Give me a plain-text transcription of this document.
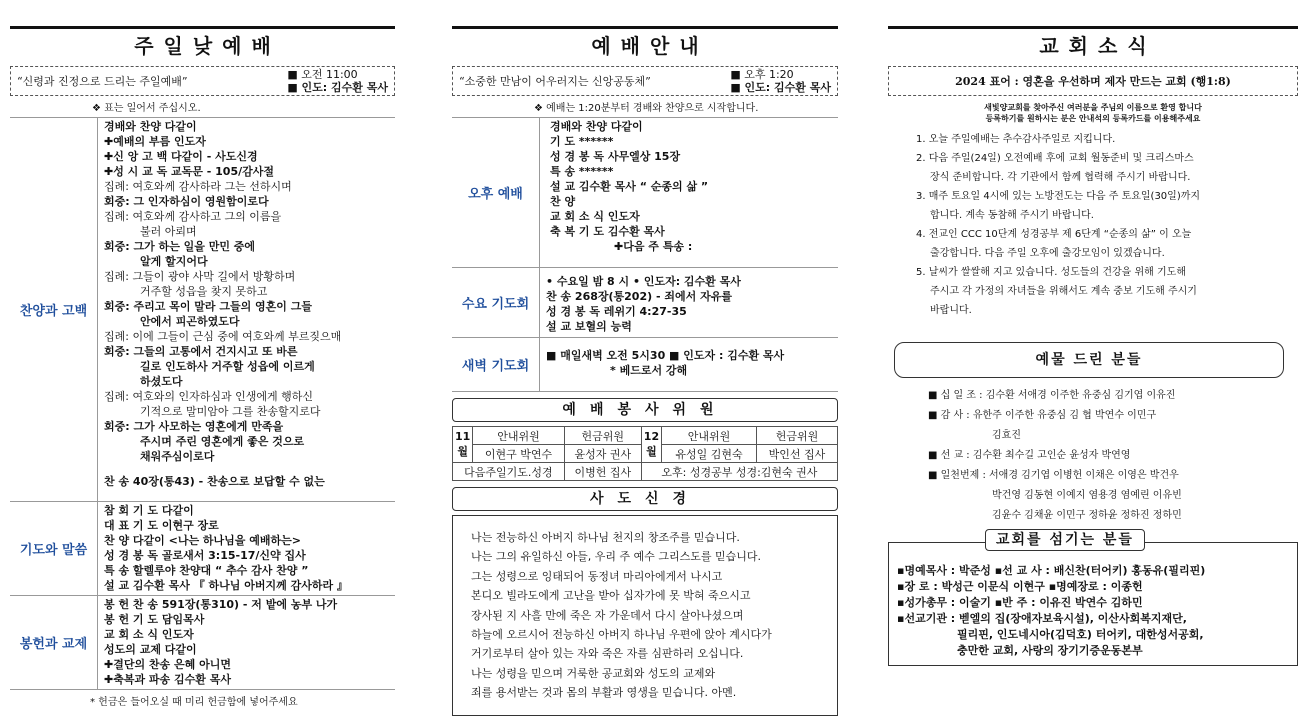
주일낮예배
“신령과 진정으로 드리는 주일예배”
■ 오전 11:00
■ 인도: 김수환 목사
❖ 표는 일어서 주십시오.
찬양과 고백
경배와 찬양 다같이
✚예배의 부름 인도자
✚신 앙 고 백 다같이 - 사도신경
✚성 시 교 독 교독문 - 105/감사절
집례: 여호와께 감사하라 그는 선하시며
회중: 그 인자하심이 영원함이로다
집례: 여호와께 감사하고 그의 이름을
불러 아뢰며
회중: 그가 하는 일을 만민 중에
알게 할지어다
집례: 그들이 광야 사막 길에서 방황하며
거주할 성읍을 찾지 못하고
회중: 주리고 목이 말라 그들의 영혼이 그들
안에서 피곤하였도다
집례: 이에 그들이 근심 중에 여호와께 부르짖으매
회중: 그들의 고통에서 건지시고 또 바른
길로 인도하사 거주할 성읍에 이르게
하셨도다
집례: 여호와의 인자하심과 인생에게 행하신
기적으로 말미암아 그를 찬송할지로다
회중: 그가 사모하는 영혼에게 만족을
주시며 주린 영혼에게 좋은 것으로
채워주심이로다
찬 송 40장(통43) - 찬송으로 보답할 수 없는
기도와 말씀
참 회 기 도 다같이
대 표 기 도 이현구 장로
찬 양 다같이 <나는 하나님을 예배하는>
성 경 봉 독 골로새서 3:15-17/신약 집사
특 송 할렐루야 찬양대 “ 추수 감사 찬양 ”
설 교 김수환 목사 『 하나님 아버지께 감사하라 』
봉헌과 교제
봉 헌 찬 송 591장(통310) - 저 밭에 농부 나가
봉 헌 기 도 담임목사
교 회 소 식 인도자
성도의 교제 다같이
✚결단의 찬송 은혜 아니면
✚축복과 파송 김수환 목사
* 헌금은 들어오실 때 미리 헌금함에 넣어주세요
예배안내
“소중한 만남이 어우러지는 신앙공동체”
■ 오후 1:20
■ 인도: 김수환 목사
❖ 예배는 1:20분부터 경배와 찬양으로 시작합니다.
오후 예배
경배와 찬양 다같이
기 도 ******
성 경 봉 독 사무엘상 15장
특 송 ******
설 교 김수환 목사 “ 순종의 삶 ”
찬 양
교 회 소 식 인도자
축 복 기 도 김수환 목사
✚다음 주 특송 :
수요 기도회
• 수요일 밤 8 시 • 인도자: 김수환 목사
찬 송 268장(통202) - 죄에서 자유를
성 경 봉 독 레위기 4:27-35
설 교 보혈의 능력
새벽 기도회
■ 매일새벽 오전 5시30 ■ 인도자 : 김수환 목사
* 베드로서 강해
예배봉사위원
11월	안내위원	헌금위원	12월	안내위원	헌금위원
	이현구 박연수	윤성자 권사		유성일 김현숙	박인선 집사
다음주일기도.성경		이병헌 집사	오후: 성경공부 성경:김현숙 권사		
사도신경
나는 전능하신 아버지 하나님 천지의 창조주를 믿습니다.
나는 그의 유일하신 아들, 우리 주 예수 그리스도를 믿습니다.
그는 성령으로 잉태되어 동정녀 마리아에게서 나시고
본디오 빌라도에게 고난을 받아 십자가에 못 박혀 죽으시고
장사된 지 사흘 만에 죽은 자 가운데서 다시 살아나셨으며
하늘에 오르시어 전능하신 아버지 하나님 우편에 앉아 계시다가
거기로부터 살아 있는 자와 죽은 자를 심판하러 오십니다.
나는 성령을 믿으며 거룩한 공교회와 성도의 교제와
죄를 용서받는 것과 몸의 부활과 영생을 믿습니다. 아멘.
교회소식
2024 표어 : 영혼을 우선하며 제자 만드는 교회 (행1:8)
새빛양교회를 찾아주신 여러분을 주님의 이름으로 환영 합니다
등록하기를 원하시는 분은 안내석의 등록카드를 이용해주세요
1. 오늘 주일예배는 추수감사주일로 지킵니다.
2. 다음 주일(24일) 오전예배 후에 교회 월동준비 및 크리스마스
장식 준비합니다. 각 기관에서 함께 협력해 주시기 바랍니다.
3. 매주 토요일 4시에 있는 노방전도는 다음 주 토요일(30일)까지
합니다. 계속 동참해 주시기 바랍니다.
4. 전교인 CCC 10단계 성경공부 제 6단계 “순종의 삶” 이 오늘
출강합니다. 다음 주일 오후에 출강모임이 있겠습니다.
5. 날씨가 쌀쌀해 지고 있습니다. 성도들의 건강을 위해 기도해
주시고 각 가정의 자녀들을 위해서도 계속 중보 기도해 주시기
바랍니다.
예물 드린 분들
■ 십 일 조 : 김수환 서애경 이주한 유중심 김기엽 이유진
■ 감 사 : 유한주 이주한 유중심 김 협 박연수 이민구
김효진
■ 선 교 : 김수환 최수길 고인순 윤성자 박연영
■ 일천번제 : 서애경 김기엽 이병헌 이채은 이영은 박건우
박건영 김동현 이예지 염용경 염예린 이유빈
김윤수 김채윤 이민구 정하윤 정하진 정하민
교회를 섬기는 분들
▪명예목사 : 박준성 ▪선 교 사 : 배신찬(터어키) 홍동유(필리핀)
▪장 로 : 박성근 이문식 이현구 ▪명예장로 : 이종헌
▪성가총무 : 이술기 ▪반 주 : 이유진 박연수 김하민
▪선교기관 : 벧엘의 집(장애자보육시설), 이산사회복지재단,
필리핀, 인도네시아(김덕호) 터어키, 대한성서공회,
충만한 교회, 사랑의 장기기증운동본부
